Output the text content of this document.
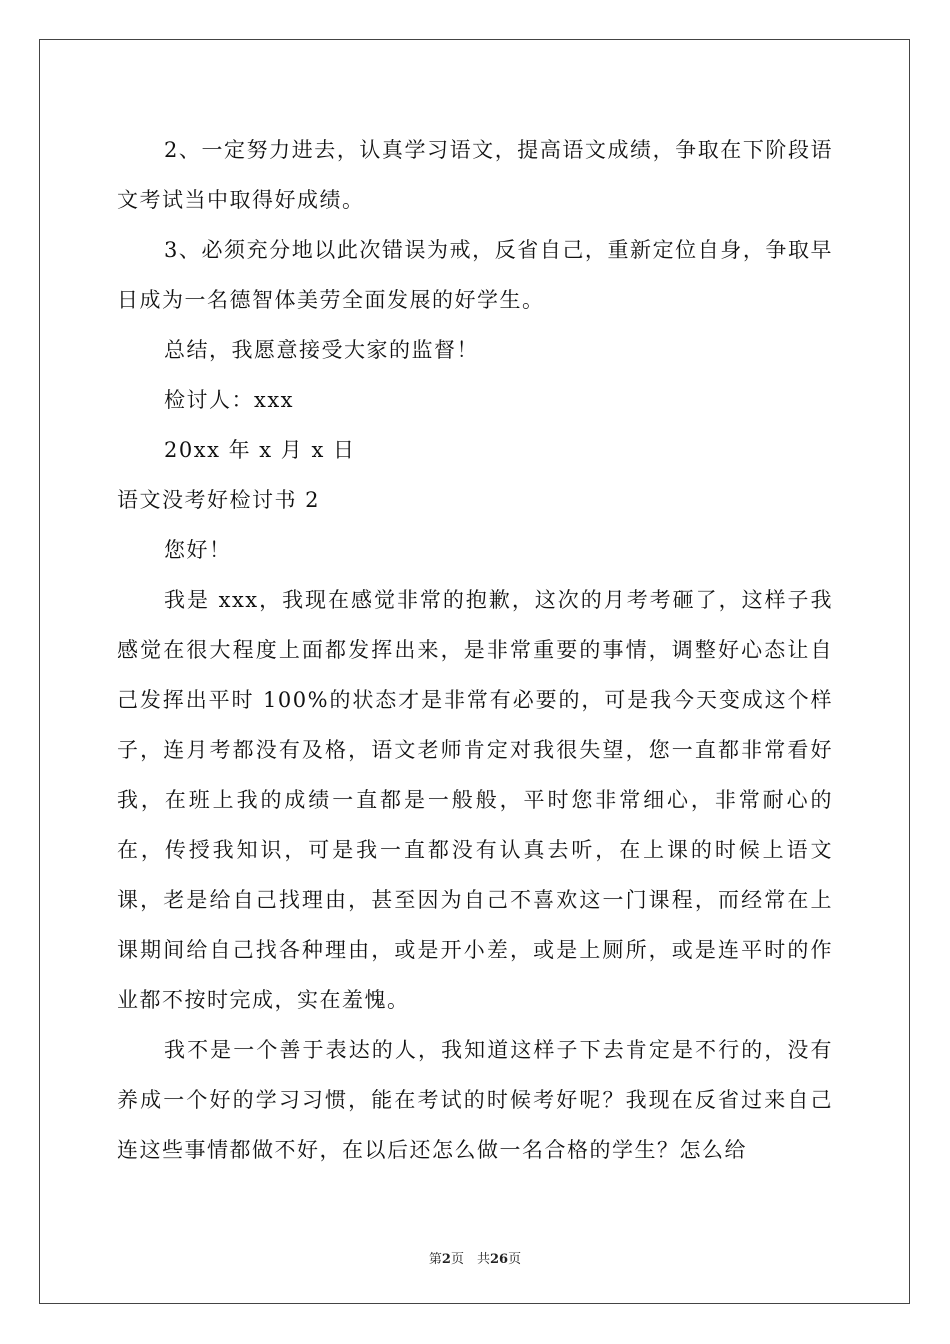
2、一定努力进去，认真学习语文，提高语文成绩，争取在下阶段语文考试当中取得好成绩。

3、必须充分地以此次错误为戒，反省自己，重新定位自身，争取早日成为一名德智体美劳全面发展的好学生。

总结，我愿意接受大家的监督！

检讨人：xxx

20xx 年 x 月 x 日

语文没考好检讨书 2

您好！

我是 xxx，我现在感觉非常的抱歉，这次的月考考砸了，这样子我感觉在很大程度上面都发挥出来，是非常重要的事情，调整好心态让自己发挥出平时 100%的状态才是非常有必要的，可是我今天变成这个样子，连月考都没有及格，语文老师肯定对我很失望，您一直都非常看好我，在班上我的成绩一直都是一般般，平时您非常细心，非常耐心的在，传授我知识，可是我一直都没有认真去听，在上课的时候上语文课，老是给自己找理由，甚至因为自己不喜欢这一门课程，而经常在上课期间给自己找各种理由，或是开小差，或是上厕所，或是连平时的作业都不按时完成，实在羞愧。

我不是一个善于表达的人，我知道这样子下去肯定是不行的，没有养成一个好的学习习惯，能在考试的时候考好呢？我现在反省过来自己连这些事情都做不好，在以后还怎么做一名合格的学生？怎么给

第2页　共26页
